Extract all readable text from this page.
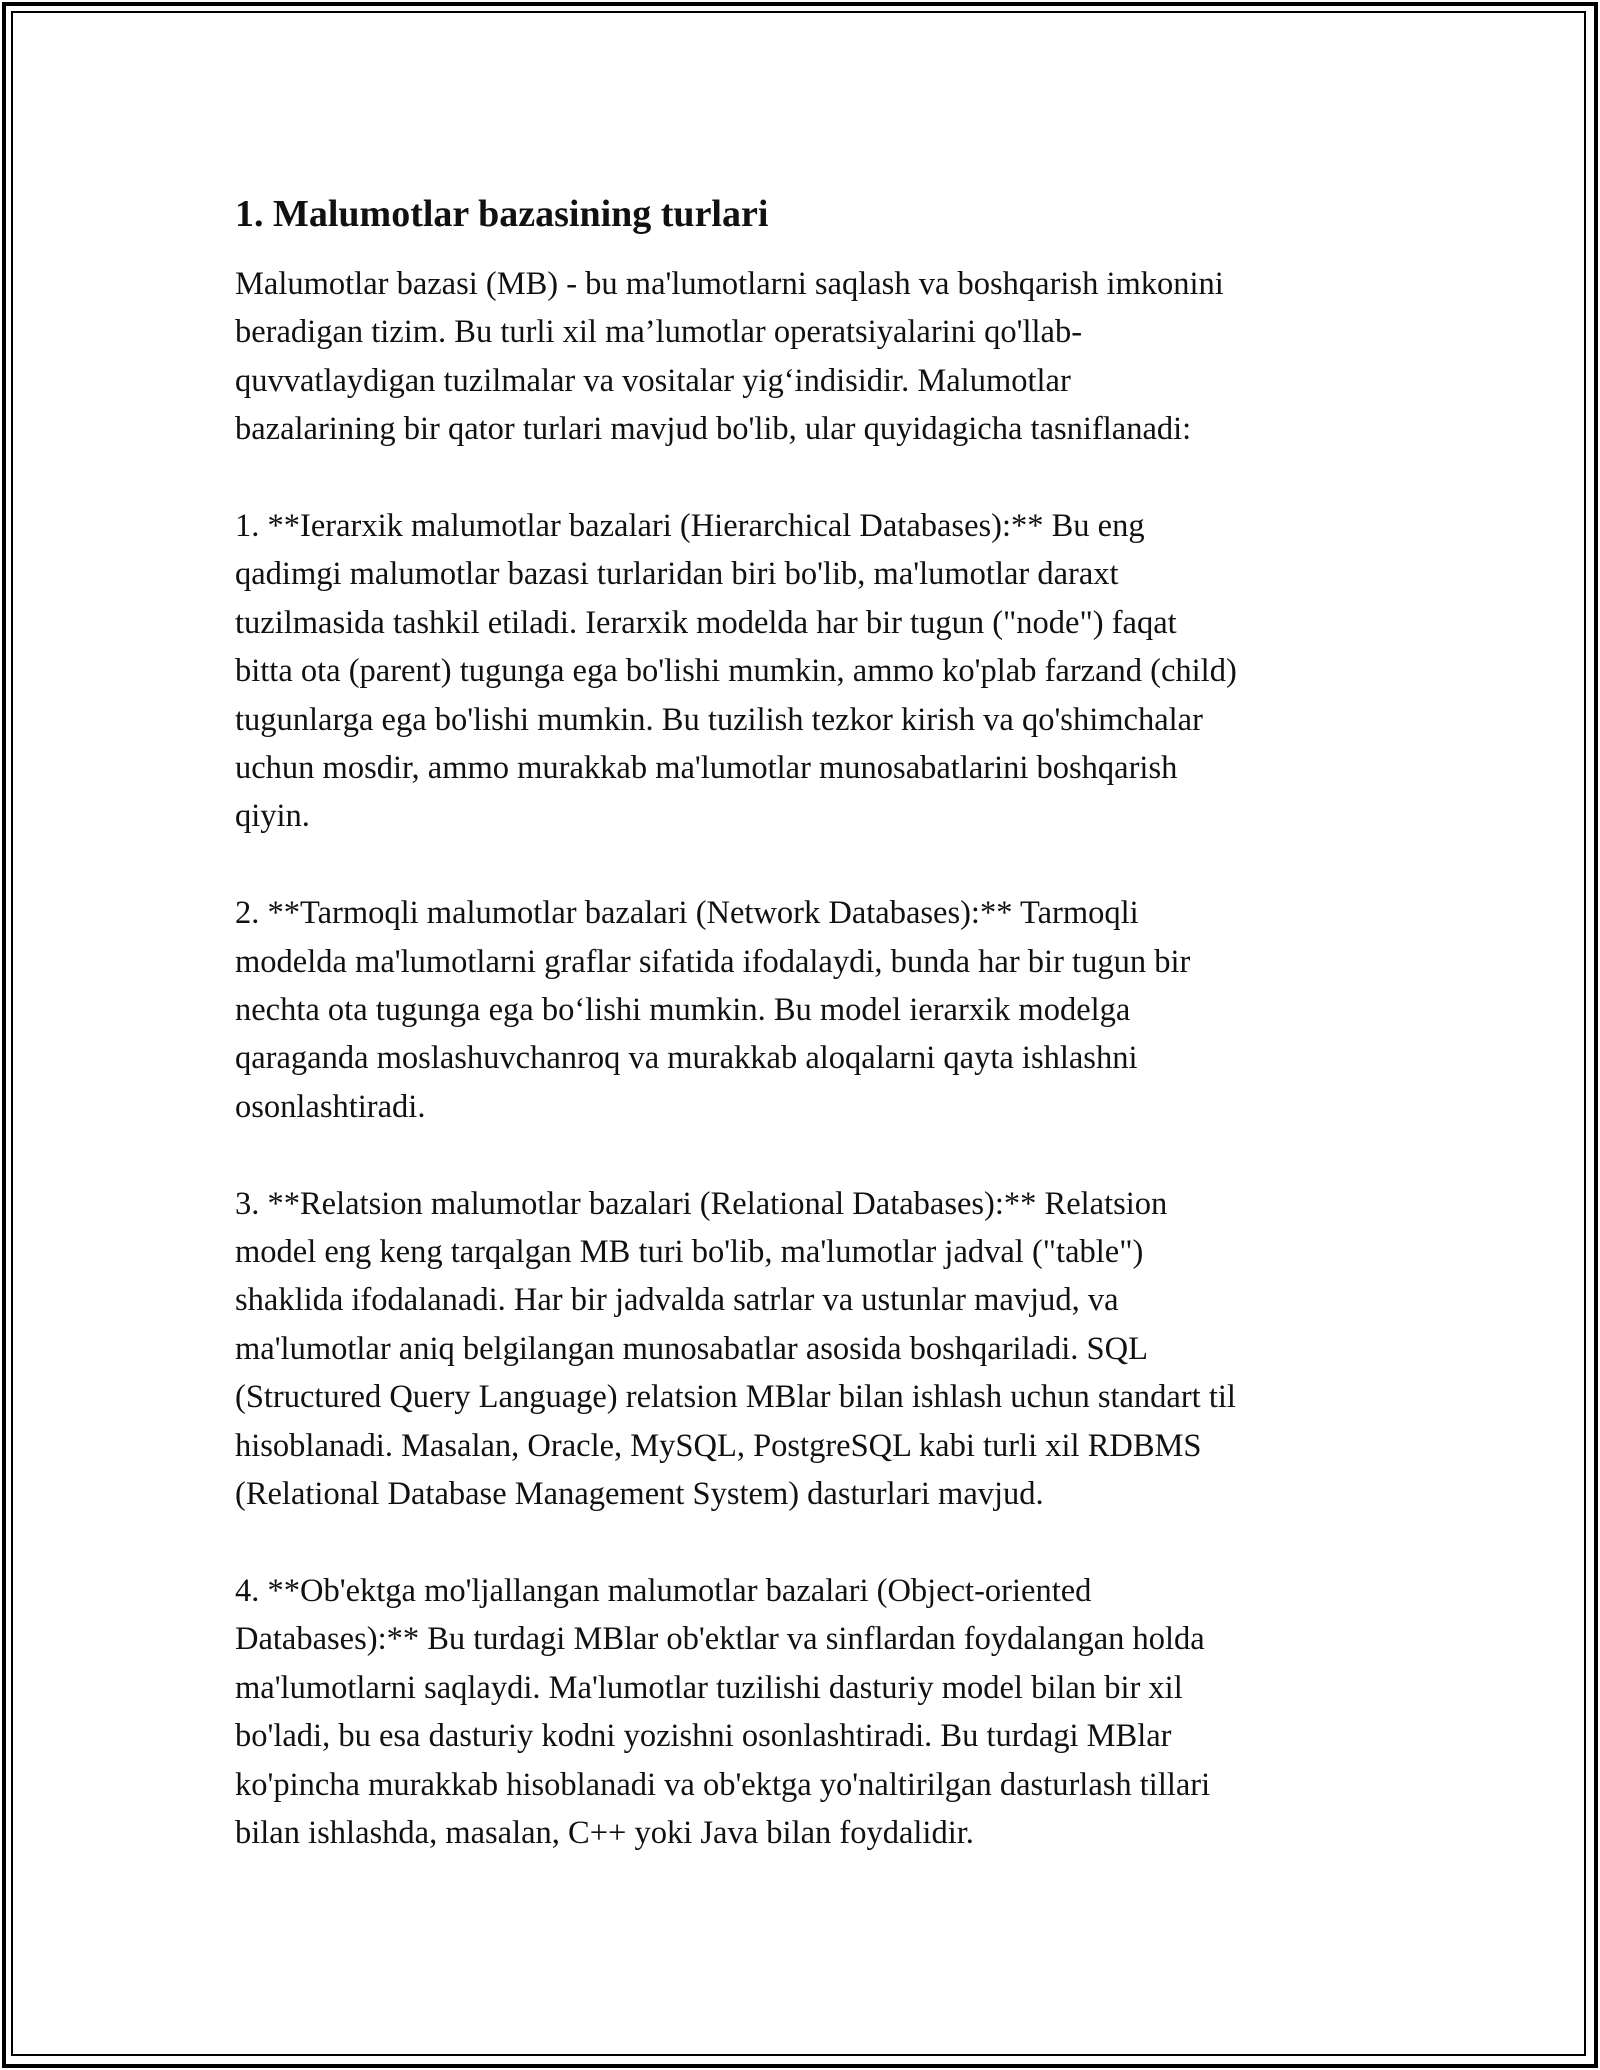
1. Malumotlar bazasining turlari

Malumotlar bazasi (MB) - bu ma'lumotlarni saqlash va boshqarish imkonini
beradigan tizim. Bu turli xil ma’lumotlar operatsiyalarini qo'llab-
quvvatlaydigan tuzilmalar va vositalar yig‘indisidir. Malumotlar
bazalarining bir qator turlari mavjud bo'lib, ular quyidagicha tasniflanadi:

1. **Ierarxik malumotlar bazalari (Hierarchical Databases):** Bu eng
qadimgi malumotlar bazasi turlaridan biri bo'lib, ma'lumotlar daraxt
tuzilmasida tashkil etiladi. Ierarxik modelda har bir tugun ("node") faqat
bitta ota (parent) tugunga ega bo'lishi mumkin, ammo ko'plab farzand (child)
tugunlarga ega bo'lishi mumkin. Bu tuzilish tezkor kirish va qo'shimchalar
uchun mosdir, ammo murakkab ma'lumotlar munosabatlarini boshqarish
qiyin.

2. **Tarmoqli malumotlar bazalari (Network Databases):** Tarmoqli
modelda ma'lumotlarni graflar sifatida ifodalaydi, bunda har bir tugun bir
nechta ota tugunga ega bo‘lishi mumkin. Bu model ierarxik modelga
qaraganda moslashuvchanroq va murakkab aloqalarni qayta ishlashni
osonlashtiradi.

3. **Relatsion malumotlar bazalari (Relational Databases):** Relatsion
model eng keng tarqalgan MB turi bo'lib, ma'lumotlar jadval ("table")
shaklida ifodalanadi. Har bir jadvalda satrlar va ustunlar mavjud, va
ma'lumotlar aniq belgilangan munosabatlar asosida boshqariladi. SQL
(Structured Query Language) relatsion MBlar bilan ishlash uchun standart til
hisoblanadi. Masalan, Oracle, MySQL, PostgreSQL kabi turli xil RDBMS
(Relational Database Management System) dasturlari mavjud.

4. **Ob'ektga mo'ljallangan malumotlar bazalari (Object-oriented
Databases):** Bu turdagi MBlar ob'ektlar va sinflardan foydalangan holda
ma'lumotlarni saqlaydi. Ma'lumotlar tuzilishi dasturiy model bilan bir xil
bo'ladi, bu esa dasturiy kodni yozishni osonlashtiradi. Bu turdagi MBlar
ko'pincha murakkab hisoblanadi va ob'ektga yo'naltirilgan dasturlash tillari
bilan ishlashda, masalan, C++ yoki Java bilan foydalidir.
